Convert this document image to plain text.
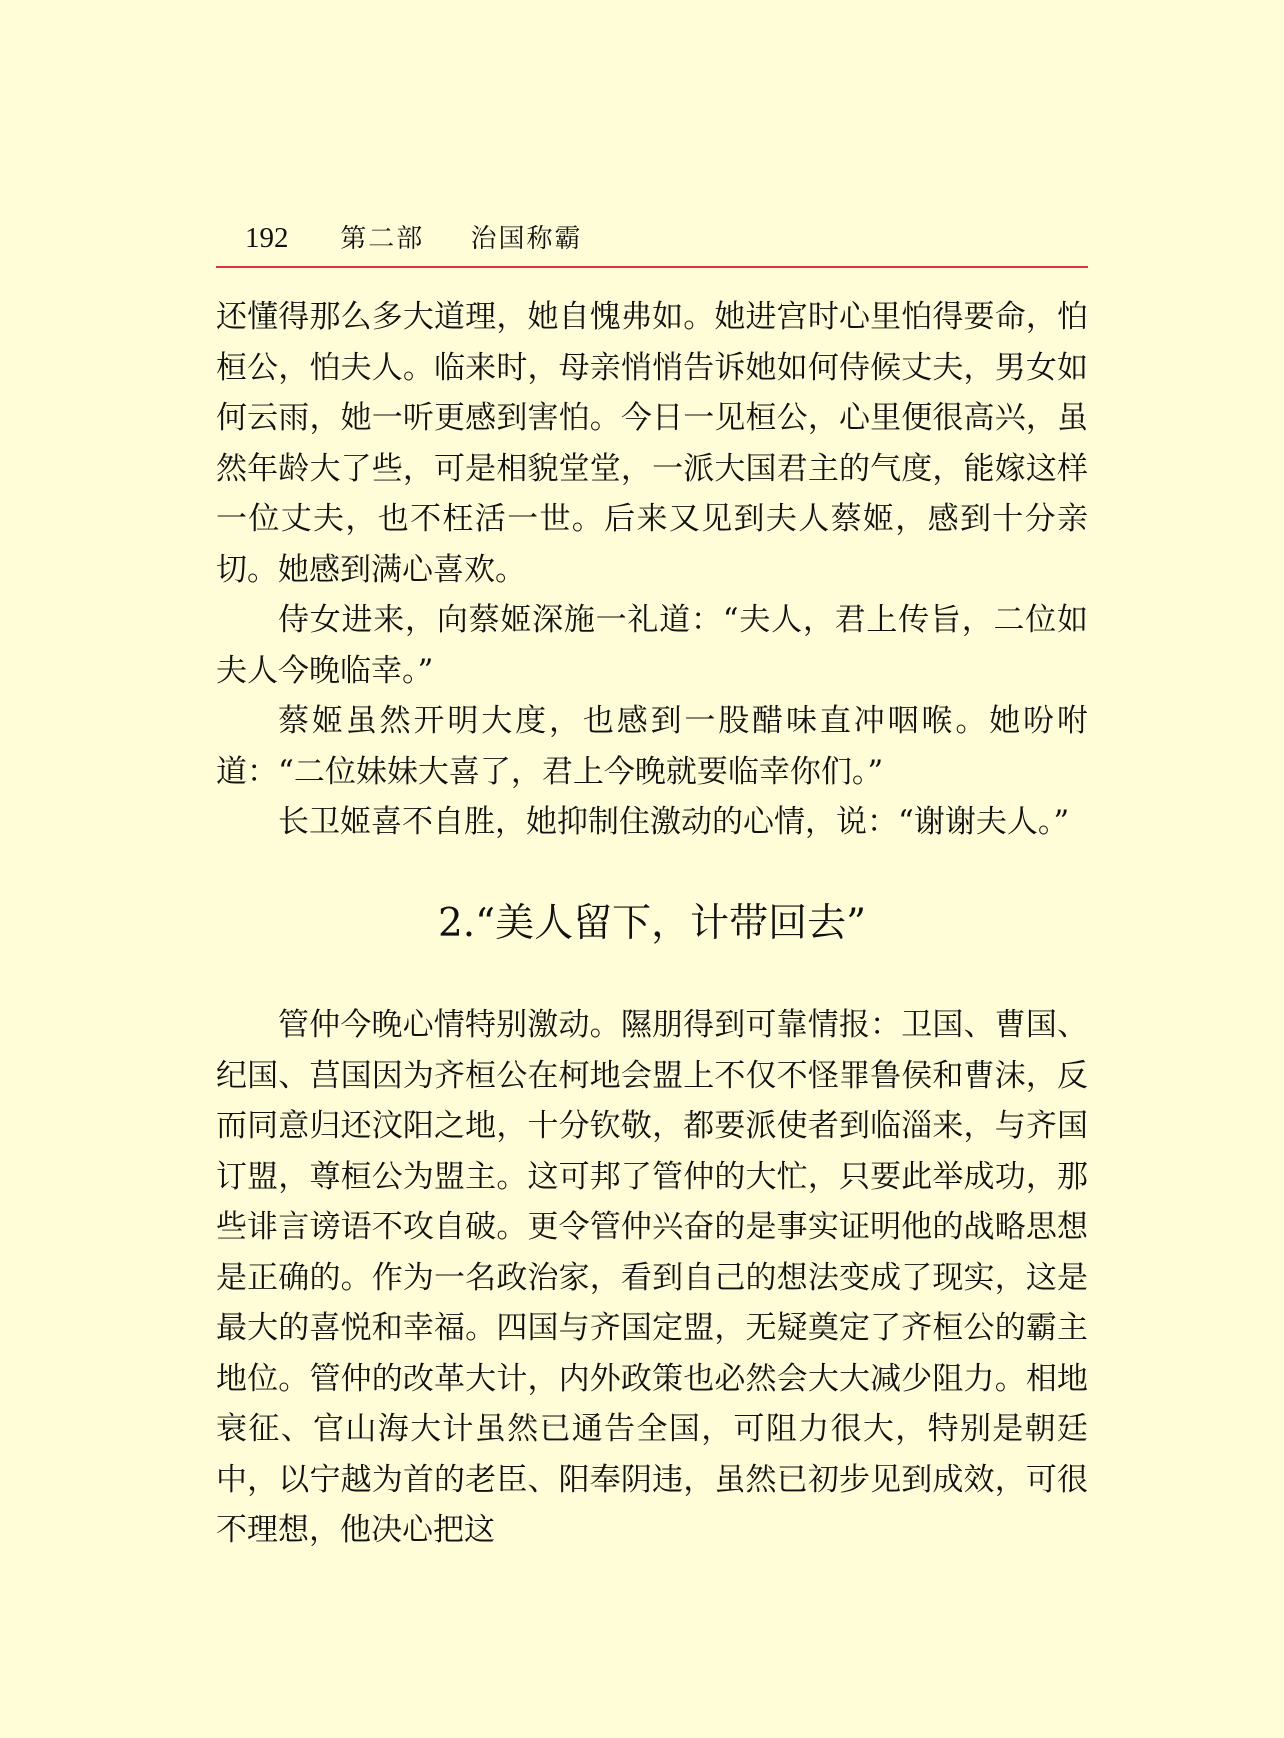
192 第二部 治国称霸

还懂得那么多大道理，她自愧弗如。她进宫时心里怕得要命，怕桓公，怕夫人。临来时，母亲悄悄告诉她如何侍候丈夫，男女如何云雨，她一听更感到害怕。今日一见桓公，心里便很高兴，虽然年龄大了些，可是相貌堂堂，一派大国君主的气度，能嫁这样一位丈夫，也不枉活一世。后来又见到夫人蔡姬，感到十分亲切。她感到满心喜欢。

侍女进来，向蔡姬深施一礼道：“夫人，君上传旨，二位如夫人今晚临幸。”

蔡姬虽然开明大度，也感到一股醋味直冲咽喉。她吩咐道：“二位妹妹大喜了，君上今晚就要临幸你们。”

长卫姬喜不自胜，她抑制住激动的心情，说：“谢谢夫人。”

2.“美人留下，计带回去”

管仲今晚心情特别激动。隰朋得到可靠情报：卫国、曹国、纪国、莒国因为齐桓公在柯地会盟上不仅不怪罪鲁侯和曹沫，反而同意归还汶阳之地，十分钦敬，都要派使者到临淄来，与齐国订盟，尊桓公为盟主。这可邦了管仲的大忙，只要此举成功，那些诽言谤语不攻自破。更令管仲兴奋的是事实证明他的战略思想是正确的。作为一名政治家，看到自己的想法变成了现实，这是最大的喜悦和幸福。四国与齐国定盟，无疑奠定了齐桓公的霸主地位。管仲的改革大计，内外政策也必然会大大减少阻力。相地衰征、官山海大计虽然已通告全国，可阻力很大，特别是朝廷中，以宁越为首的老臣、阳奉阴违，虽然已初步见到成效，可很不理想，他决心把这
